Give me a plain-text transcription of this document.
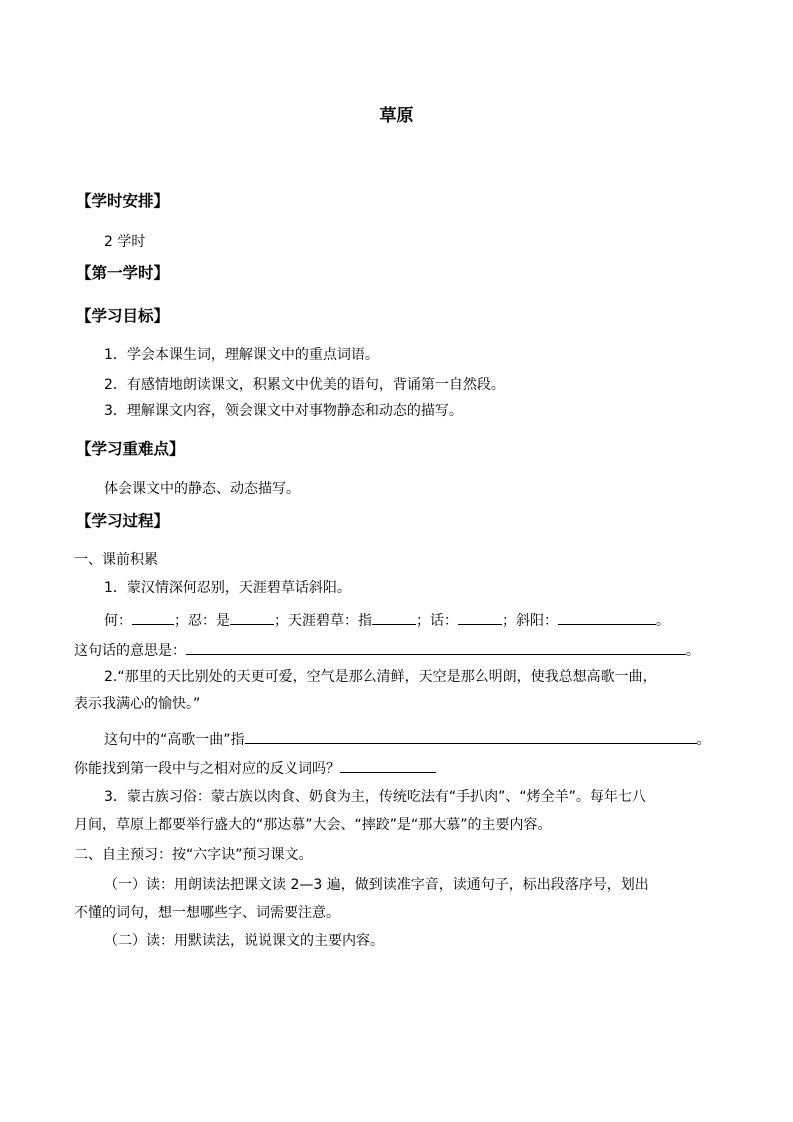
草原
【学时安排】
2 学时
【第一学时】
【学习目标】
1．学会本课生词，理解课文中的重点词语。
2．有感情地朗读课文，积累文中优美的语句，背诵第一自然段。
3．理解课文内容，领会课文中对事物静态和动态的描写。
【学习重难点】
体会课文中的静态、动态描写。
【学习过程】
一、课前积累
1．蒙汉情深何忍别，天涯碧草话斜阳。
何：	；忍：是	；天涯碧草：指	；话：	；斜阳：	。
这句话的意思是：	。
2.“那里的天比别处的天更可爱，空气是那么清鲜，天空是那么明朗，使我总想高歌一曲，
表示我满心的愉快。”
这句中的“高歌一曲”指	。
你能找到第一段中与之相对应的反义词吗？
3．蒙古族习俗：蒙古族以肉食、奶食为主，传统吃法有“手扒肉”、“烤全羊”。每年七八
月间，草原上都要举行盛大的“那达慕”大会、“摔跤”是“那大慕”的主要内容。
二、自主预习：按“六字诀”预习课文。
（一）读：用朗读法把课文读 2—3 遍，做到读准字音，读通句子，标出段落序号，划出
不懂的词句，想一想哪些字、词需要注意。
（二）读：用默读法，说说课文的主要内容。
